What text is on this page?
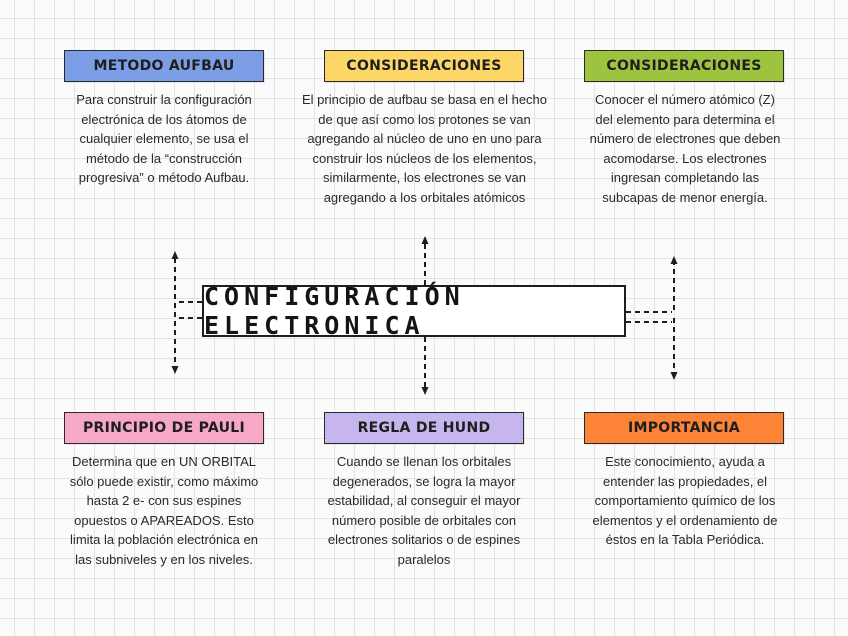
METODO AUFBAU

Para construir la configuración electrónica de los átomos de cualquier elemento, se usa el método de la “construcción progresiva” o método Aufbau.

CONSIDERACIONES

El principio de aufbau se basa en el hecho de que así como los protones se van agregando al núcleo de uno en uno para construir los núcleos de los elementos, similarmente, los electrones se van agregando a los orbitales atómicos

CONSIDERACIONES

Conocer el número atómico (Z) del elemento para determina el número de electrones que deben acomodarse. Los electrones ingresan completando las subcapas de menor energía.

CONFIGURACIÓN ELECTRONICA
PRINCIPIO DE PAULI

Determina que en UN ORBITAL sólo puede existir, como máximo hasta 2 e- con sus espines opuestos o APAREADOS. Esto limita la población electrónica en las subniveles y en los niveles.

REGLA DE HUND

Cuando se llenan los orbitales degenerados, se logra la mayor estabilidad, al conseguir el mayor número posible de orbitales con electrones solitarios o de espines paralelos

IMPORTANCIA

Este conocimiento, ayuda a entender las propiedades, el comportamiento químico de los elementos y el ordenamiento de éstos en la Tabla Periódica.
